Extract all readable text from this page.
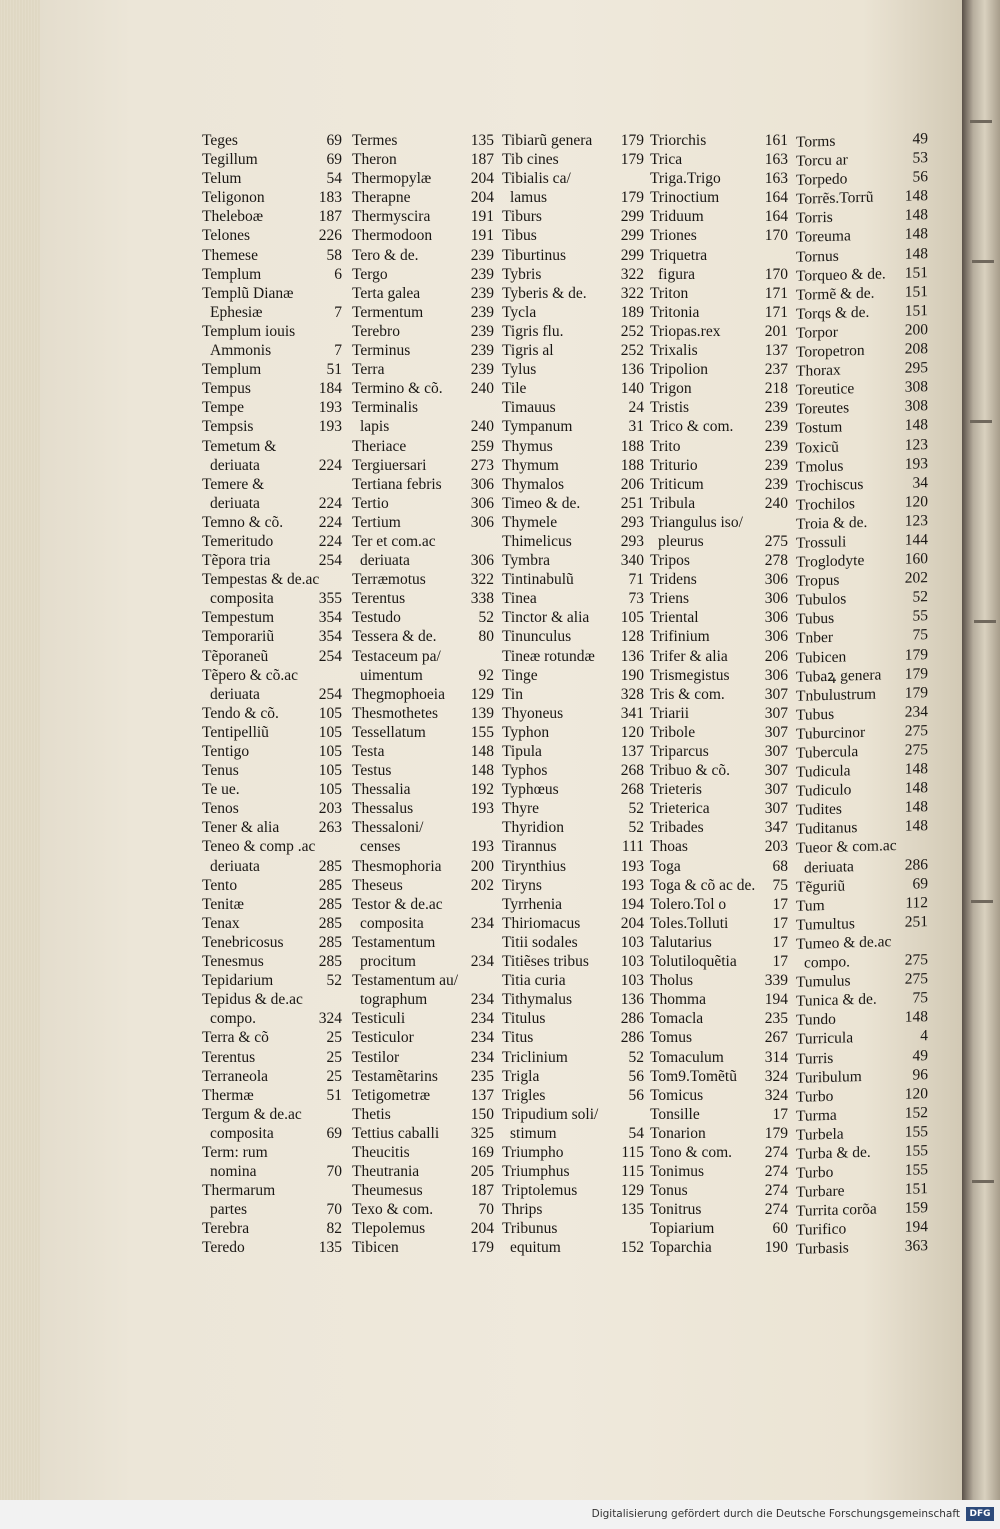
Teges	69
Tegillum	69
Telum	54
Teligonon	183
Theleboæ	187
Telones	226
Themese	58
Templum	6
Templũ Dianæ
Ephesiæ	7
Templum iouis
Ammonis	7
Templum	51
Tempus	184
Tempe	193
Tempsis	193
Temetum &
deriuata	224
Temere &
deriuata	224
Temno & cõ. 224
Temeritudo	224
Tẽpora tria	254
Tempestas & de.ac
composita	355
Tempestum	354
Temporariũ	354
Tẽporaneũ	254
Tẽpero & cõ.ac
deriuata	254
Tendo & cõ.	105
Tentipelliũ	105
Tentigo	105
Tenus	105
Te ue.	105
Tenos	203
Tener & alia	263
Teneo & comp .ac
deriuata	285
Tento	285
Tenitæ	285
Tenax	285
Tenebricosus 285
Tenesmus	285
Tepidarium	52
Tepidus & de.ac
compo.	324
Terra & cõ	25
Terentus	25
Terraneola	25
Thermæ	51
Tergum & de.ac
composita	69
Term: rum
nomina	70
Thermarum
partes	70
Terebra	82
Teredo	135
Termes	135
Theron	187
Thermopylæ	204
Therapne	204
Thermyscira	191
Thermodoon 191
Tero & de.	239
Tergo	239
Terta galea	239
Termentum	239
Terebro	239
Terminus	239
Terra	239
Termino & cõ. 240
Terminalis
lapis	240
Theriace	259
Tergiuersari	273
Tertiana febris 306
Tertio	306
Tertium	306
Ter et com.ac
deriuata	306
Terræmotus	322
Terentus	338
Testudo	52
Tessera & de.	80
Testaceum pa/
uimentum	92
Thegmophoeia 129
Thesmothetes 139
Tessellatum	155
Testa	148
Testus	148
Thessalia	192
Thessalus	193
Thessaloni/
censes	193
Thesmophoria 200
Theseus	202
Testor & de.ac
composita	234
Testamentum
procitum	234
Testamentum au/
tographum	234
Testiculi	234
Testiculor	234
Testilor	234
Testamẽtarins 235
Tetigometræ	137
Thetis	150
Tettius caballi 325
Theucitis	169
Theutrania	205
Theumesus	187
Texo & com.	70
Tlepolemus	204
Tibicen	179
Tibiarũ genera 179
Tib cines	179
Tibialis ca/
lamus	179
Tiburs	299
Tibus	299
Tiburtinus	299
Tybris	322
Tyberis & de. 322
Tycla	189
Tigris flu.	252
Tigris al	252
Tylus	136
Tile	140
Timauus	24
Tympanum	31
Thymus	188
Thymum	188
Thymalos	206
Timeo & de.	251
Thymele	293
Thimelicus	293
Tymbra	340
Tintinabulũ	71
Tinea	73
Tinctor & alia 105
Tinunculus	128
Tineæ rotundæ 136
Tinge	190
Tin	328
Thyoneus	341
Typhon	120
Tipula	137
Typhos	268
Typhœus	268
Thyre	52
Thyridion	52
Tirannus	111
Tirynthius	193
Tiryns	193
Tyrrhenia	194
Thiriomacus	204
Titii sodales	103
Titiẽses tribus 103
Titia curia	103
Tithymalus	136
Titulus	286
Titus	286
Triclinium	52
Trigla	56
Trigles	56
Tripudium soli/
stimum	54
Triumpho	115
Triumphus	115
Triptolemus	129
Thrips	135
Tribunus
equitum	152
Triorchis	161
Trica	163
Triga.Trigo	163
Trinoctium	164
Triduum	164
Triones	170
Triquetra
figura	170
Triton	171
Tritonia	171
Triopas.rex	201
Trixalis	137
Tripolion	237
Trigon	218
Tristis	239
Trico & com. 239
Trito	239
Triturio	239
Triticum	239
Tribula	240
Triangulus iso/
pleurus	275
Tripos	278
Tridens	306
Triens	306
Triental	306
Trifinium	306
Trifer & alia 206
Trismegistus 306
Tris & com.	307
Triarii	307
Tribole	307
Triparcus	307
Tribuo & cõ. 307
Trieteris	307
Trieterica	307
Tribades	347
Thoas	203
Toga	68
Toga & cõ ac de. 75
Tolero.Tol o	17
Toles.Tolluti	17
Talutarius	17
Tolutiloquẽtia 17
Tholus	339
Thomma	194
Tomacla	235
Tomus	267
Tomaculum	314
Tom9.Tomẽtũ 324
Tomicus	324
Tonsille	17
Tonarion	179
Tono & com. 274
Tonimus	274
Tonus	274
Tonitrus	274
Topiarium	60
Toparchia	190
Torms	49
Torcu ar	53
Torpedo	56
Torrẽs.Torrũ 148
Torris	148
Toreuma	148
Tornus	148
Torqueo & de. 151
Tormẽ & de. 151
Torqs & de. 151
Torpor	200
Toropetron	208
Thorax	295
Toreutice	308
Toreutes	308
Tostum	148
Toxicũ	123
Tmolus	193
Trochiscus	34
Trochilos	120
Troia & de. 123
Trossuli	144
Troglodyte	160
Tropus	202
Tubulos	52
Tubus	55
Tnber	75
Tubicen	179
Tubaꝝ genera 179
Tnbulustrum 179
Tubus	234
Tuburcinor	275
Tubercula	275
Tudicula	148
Tudiculo	148
Tudites	148
Tuditanus	148
Tueor & com.ac
deriuata	286
Tẽguriũ	69
Tum	112
Tumultus	251
Tumeo & de.ac
compo.	275
Tumulus	275
Tunica & de. 75
Tundo	148
Turricula	4
Turris	49
Turibulum	96
Turbo	120
Turma	152
Turbela	155
Turba & de. 155
Turbo	155
Turbare	151
Turrita corõa 159
Turifico	194
Turbasis	363
Digitalisierung gefördert durch die Deutsche Forschungsgemeinschaft	DFG
